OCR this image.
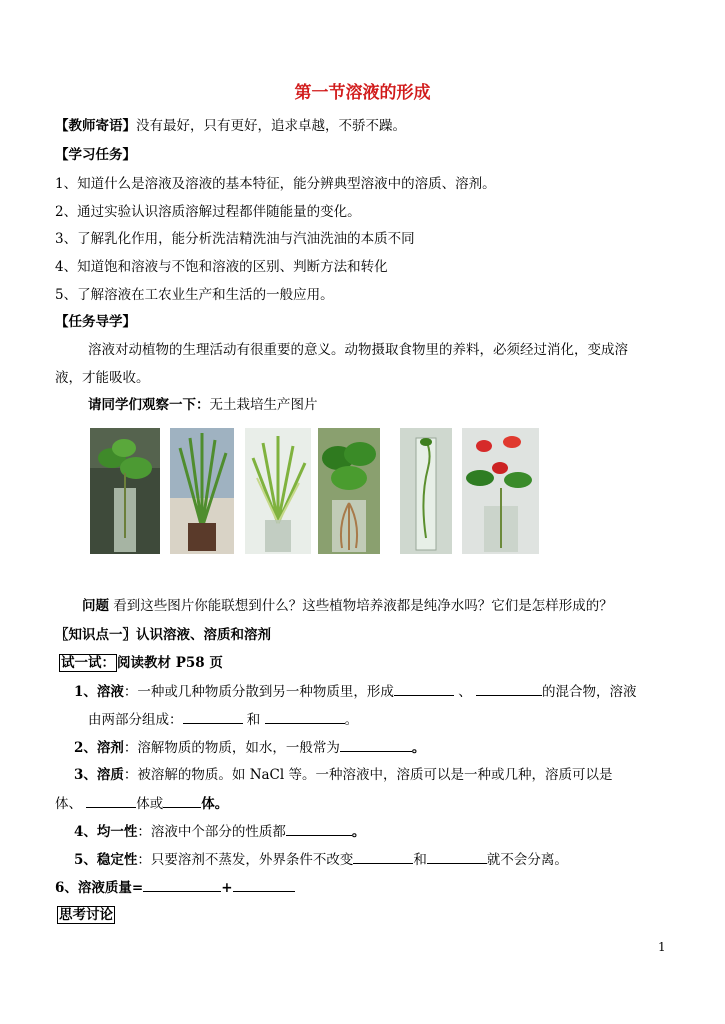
第一节溶液的形成
【教师寄语】没有最好，只有更好，追求卓越，不骄不躁。
【学习任务】
1、知道什么是溶液及溶液的基本特征，能分辨典型溶液中的溶质、溶剂。
2、通过实验认识溶质溶解过程都伴随能量的变化。
3、了解乳化作用，能分析洗洁精洗油与汽油洗油的本质不同
4、知道饱和溶液与不饱和溶液的区别、判断方法和转化
5、了解溶液在工农业生产和生活的一般应用。
【任务导学】
溶液对动植物的生理活动有很重要的意义。动物摄取食物里的养料，必须经过消化，变成溶
液，才能吸收。
请同学们观察一下：无土栽培生产图片
问题 看到这些图片你能联想到什么？这些植物培养液都是纯净水吗？它们是怎样形成的？
〖知识点一〗认识溶液、溶质和溶剂
试一试： 阅读教材 P58 页
1、溶液：一种或几种物质分散到另一种物质里，形成	、	的混合物，溶液
由两部分组成：	和	。
2、溶剂：溶解物质的物质，如水，一般常为	。
3、溶质：被溶解的物质。如 NaCl 等。一种溶液中，溶质可以是一种或几种，溶质可以是
体、	体或	体。
4、均一性：溶液中个部分的性质都	。
5、稳定性：只要溶剂不蒸发，外界条件不改变	和	就不会分离。
6、溶液质量=	+
思考讨论
1
